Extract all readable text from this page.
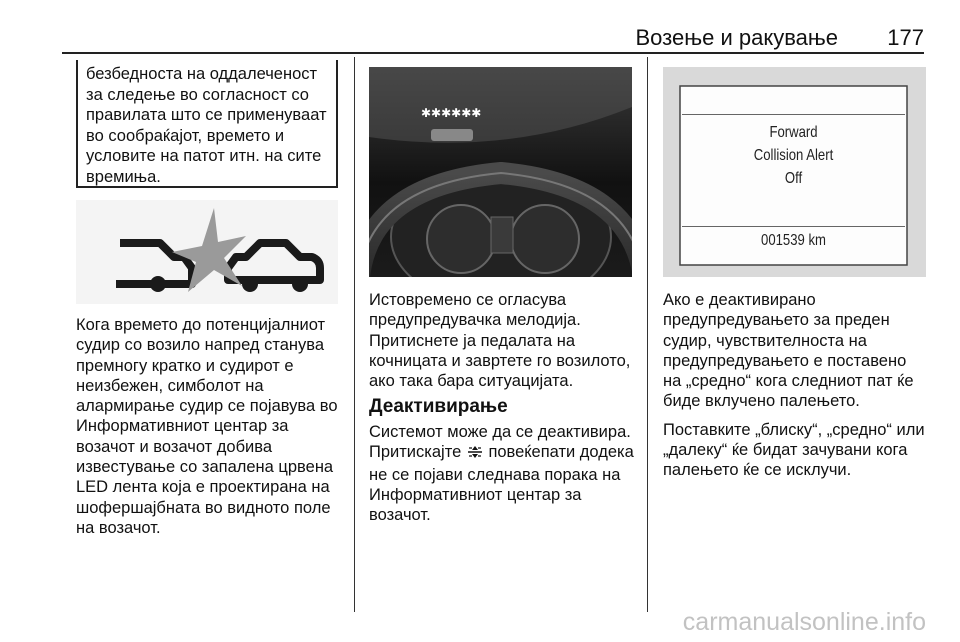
Возење и ракување 177
безбедноста на оддалеченост за следење во согласност со правилата што се применуваат во сообраќајот, времето и условите на патот итн. на сите времиња.
Кога времето до потенцијалниот судир со возило напред станува премногу кратко и судирот е неизбежен, симболот на алармирање судир се појавува во Информативниот центар за возачот и возачот добива известување со запалена црвена LED лента која е проектирана на шофершајбната во видното поле на возачот.
✱✱✱✱✱✱
Истовремено се огласува предупредувачка мелодија. Притиснете ја педалата на кочницата и завртете го возилото, ако така бара ситуацијата.
Деактивирање
Системот може да се деактивира. Притискајте повеќепати додека не се појави следнава порака на Информативниот центар за возачот.
Forward
Collision Alert
Off
001539 km

Ако е деактивирано предупредувањето за преден судир, чувствителноста на предупредувањето е поставено на „средно“ кога следниот пат ќе биде вклучено палењето.

Поставките „блиску“, „средно“ или „далеку“ ќе бидат зачувани кога палењето ќе се исклучи.

carmanualsonline.info
